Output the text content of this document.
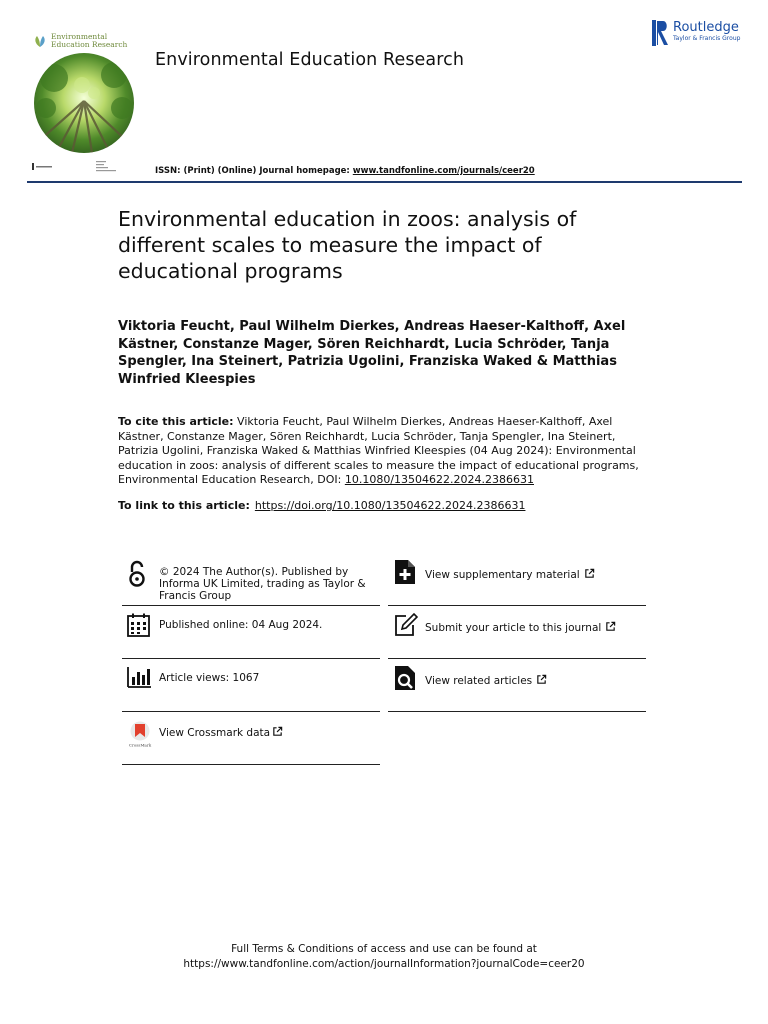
Environmental
Education Research
Environmental Education Research
Routledge
Taylor & Francis Group
ISSN: (Print) (Online) Journal homepage: www.tandfonline.com/journals/ceer20
Environmental education in zoos: analysis of different scales to measure the impact of educational programs
Viktoria Feucht, Paul Wilhelm Dierkes, Andreas Haeser-Kalthoff, Axel Kästner, Constanze Mager, Sören Reichhardt, Lucia Schröder, Tanja Spengler, Ina Steinert, Patrizia Ugolini, Franziska Waked & Matthias Winfried Kleespies
To cite this article: Viktoria Feucht, Paul Wilhelm Dierkes, Andreas Haeser-Kalthoff, Axel Kästner, Constanze Mager, Sören Reichhardt, Lucia Schröder, Tanja Spengler, Ina Steinert, Patrizia Ugolini, Franziska Waked & Matthias Winfried Kleespies (04 Aug 2024): Environmental education in zoos: analysis of different scales to measure the impact of educational programs, Environmental Education Research, DOI: 10.1080/13504622.2024.2386631
To link to this article: https://doi.org/10.1080/13504622.2024.2386631
© 2024 The Author(s). Published by Informa UK Limited, trading as Taylor & Francis Group
Published online: 04 Aug 2024.
Article views: 1067
CrossMark
View Crossmark data
View supplementary material
Submit your article to this journal
View related articles
Full Terms & Conditions of access and use can be found at
https://www.tandfonline.com/action/journalInformation?journalCode=ceer20
